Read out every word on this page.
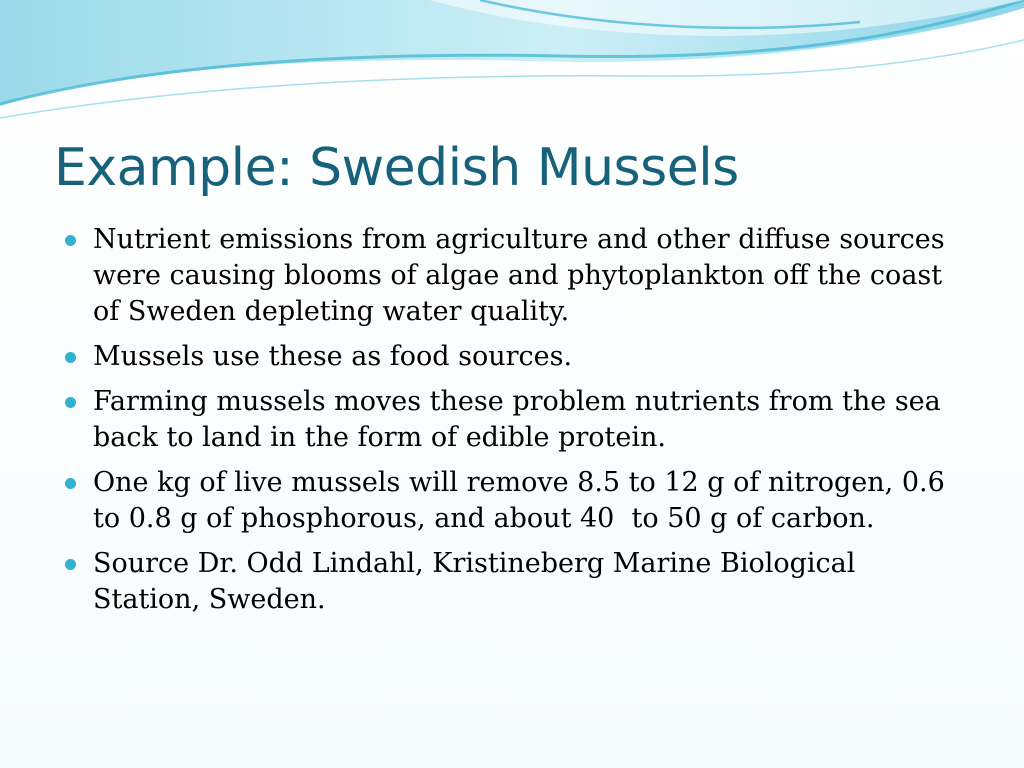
Example: Swedish Mussels
Nutrient emissions from agriculture and other diffuse sources were causing blooms of algae and phytoplankton off the coast of Sweden depleting water quality.
Mussels use these as food sources.
Farming mussels moves these problem nutrients from the sea back to land in the form of edible protein.
One kg of live mussels will remove 8.5 to 12 g of nitrogen, 0.6 to 0.8 g of phosphorous, and about 40  to 50 g of carbon.
Source Dr. Odd Lindahl, Kristineberg Marine Biological Station, Sweden.
